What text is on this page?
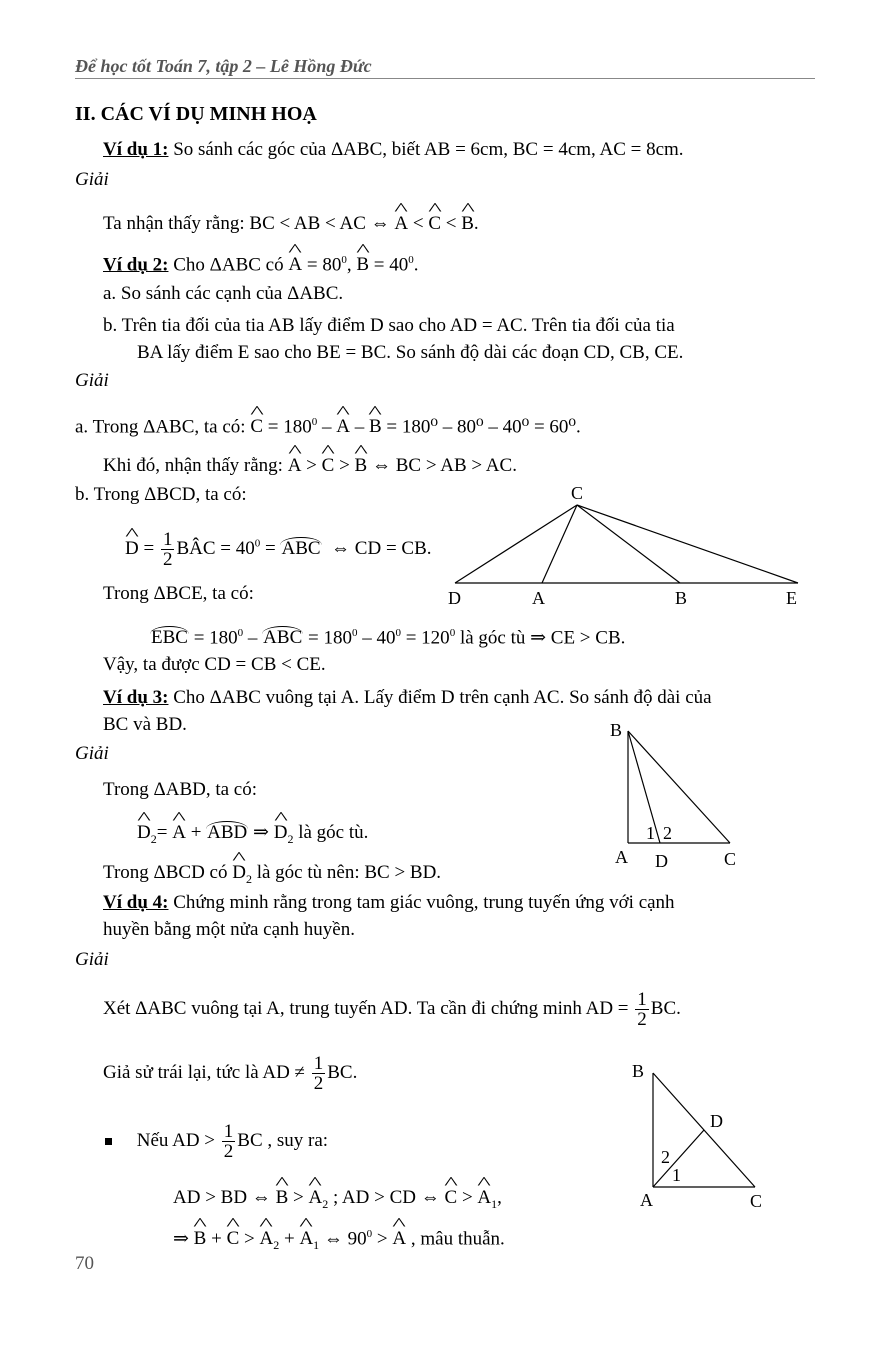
Để học tốt Toán 7, tập 2 – Lê Hồng Đức
II. CÁC VÍ DỤ MINH HOẠ
Ví dụ 1: So sánh các góc của ΔABC, biết AB = 6cm, BC = 4cm, AC = 8cm.
Giải
Ta nhận thấy rằng: BC < AB < AC ⇔ ^ A < ^ C < ^ B.
Ví dụ 2: Cho ΔABC có ^ $A = 80^0$, ^ $B = 40^0$.
a. So sánh các cạnh của ΔABC.
b. Trên tia đối của tia AB lấy điểm D sao cho AD = AC. Trên tia đối của tia
BA lấy điểm E sao cho BE = BC. So sánh độ dài các đoạn CD, CB, CE.
Giải
a. Trong ΔABC, ta có: ^ $C = 180^0$ – ^ A – ^ B = 180⁰ – 80⁰ – 40⁰ = 60⁰.
Khi đó, nhận thấy rằng: ^ A > ^ C > ^ B ⇔ BC > AB > AC.
b. Trong ΔBCD, ta có:
^ $D = \frac{1}{2}$ BÂC = $40^0$ = ABC ⇔ CD = CB.
Trong ΔBCE, ta có:
EBC = $180^0$ – ABC = $180^0 - 40^0 = 120^0$ là góc tù ⇒ CE > CB.
Vậy, ta được CD = CB < CE.
C
D	A	B	E
Ví dụ 3: Cho ΔABC vuông tại A. Lấy điểm D trên cạnh AC. So sánh độ dài của
BC và BD.
Giải
Trong ΔABD, ta có:
^ $D_2=$ ^ A + ABD ⇒ ^ $D_2$ là góc tù.
Trong ΔBCD có ^ $D_2$ là góc tù nên: BC > BD.
B
A D	C
1 2
Ví dụ 4: Chứng minh rằng trong tam giác vuông, trung tuyến ứng với cạnh
huyền bằng một nửa cạnh huyền.
Giải
Xét ΔABC vuông tại A, trung tuyến AD. Ta cần đi chứng minh AD = $\frac{1}{2}$ BC.
Giả sử trái lại, tức là AD ≠ $\frac{1}{2}$ BC.
Nếu AD > $\frac{1}{2}$ BC , suy ra:
AD > BD ⇔ ^ B > ^ $A_2$ ; AD > CD ⇔ ^ C > ^ $A_1$,
⇒ ^ B + ^ C > ^ $A_2$ + ^ $A_1$ ⇔ $90^0$ > ^ A , mâu thuẫn.
B
D
A	C
2
1
70
